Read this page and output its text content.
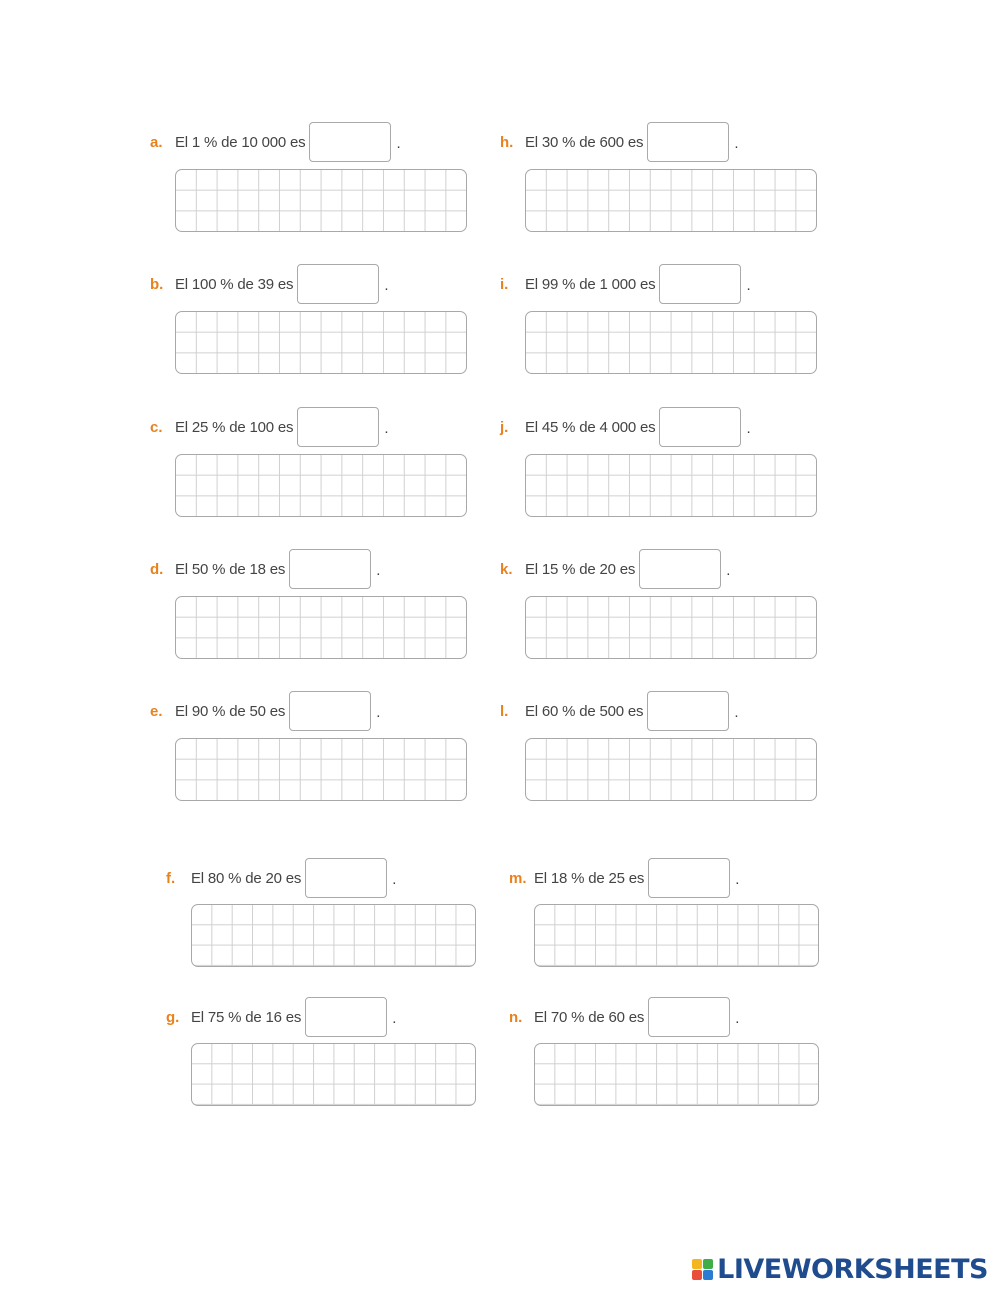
a. El 1 % de 10 000 es	.
b. El 100 % de 39 es	.
c. El 25 % de 100 es	.
d. El 50 % de 18 es	.
e. El 90 % de 50 es	.
f.	El 80 % de 20 es	.
g. El 75 % de 16 es	.
h. El 30 % de 600 es	.
i.	El 99 % de 1 000 es	.
j.	El 45 % de 4 000 es	.
k. El 15 % de 20 es	.
l.	El 60 % de 500 es	.
m. El 18 % de 25 es	.
n. El 70 % de 60 es	.
LIVEWORKSHEETS
